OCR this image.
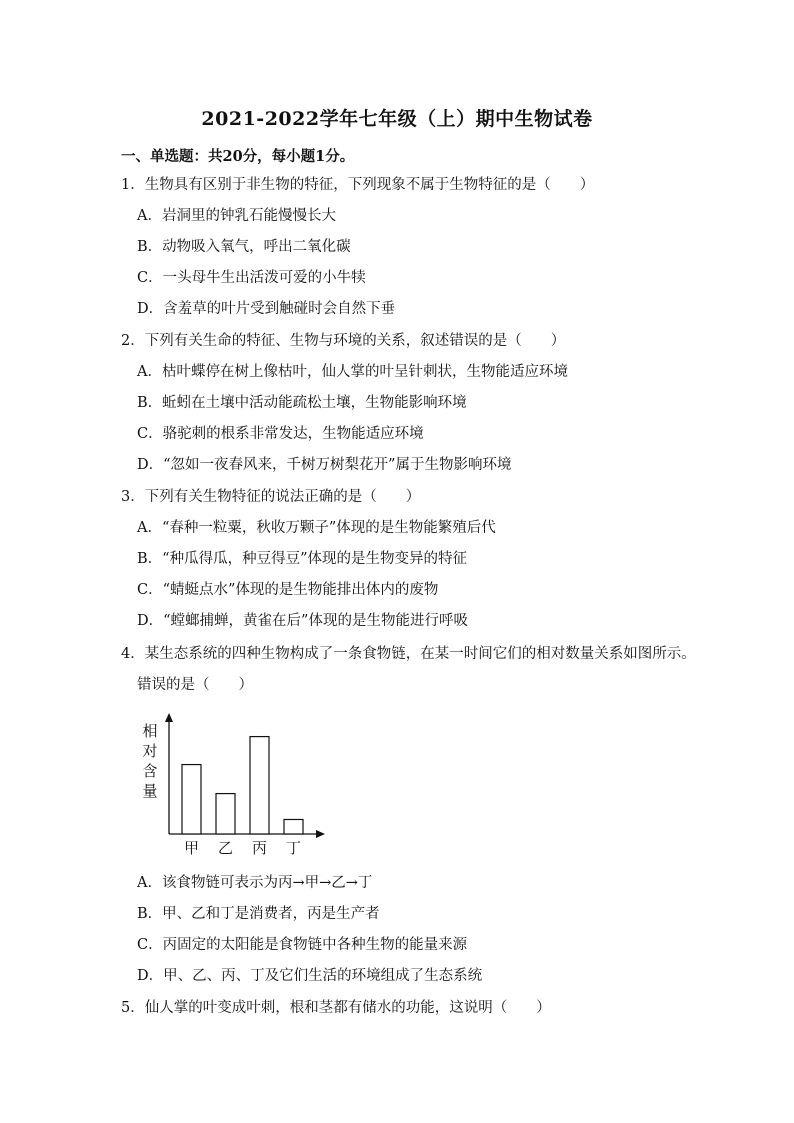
2021-2022学年七年级（上）期中生物试卷
一、单选题：共20分，每小题1分。
1．生物具有区别于非生物的特征，下列现象不属于生物特征的是（　　）
A．岩洞里的钟乳石能慢慢长大
B．动物吸入氧气，呼出二氧化碳
C．一头母牛生出活泼可爱的小牛犊
D．含羞草的叶片受到触碰时会自然下垂
2．下列有关生命的特征、生物与环境的关系，叙述错误的是（　　）
A．枯叶蝶停在树上像枯叶，仙人掌的叶呈针刺状，生物能适应环境
B．蚯蚓在土壤中活动能疏松土壤，生物能影响环境
C．骆驼刺的根系非常发达，生物能适应环境
D．“忽如一夜春风来，千树万树梨花开”属于生物影响环境
3．下列有关生物特征的说法正确的是（　　）
A．“春种一粒粟，秋收万颗子”体现的是生物能繁殖后代
B．“种瓜得瓜，种豆得豆”体现的是生物变异的特征
C．“蜻蜓点水”体现的是生物能排出体内的废物
D．“螳螂捕蝉，黄雀在后”体现的是生物能进行呼吸
4．某生态系统的四种生物构成了一条食物链，在某一时间它们的相对数量关系如图所示。
错误的是（　　）
相
对
含
量
甲 乙 丙 丁
A．该食物链可表示为丙→甲→乙→丁
B．甲、乙和丁是消费者，丙是生产者
C．丙固定的太阳能是食物链中各种生物的能量来源
D．甲、乙、丙、丁及它们生活的环境组成了生态系统
5．仙人掌的叶变成叶刺，根和茎都有储水的功能，这说明（　　）
